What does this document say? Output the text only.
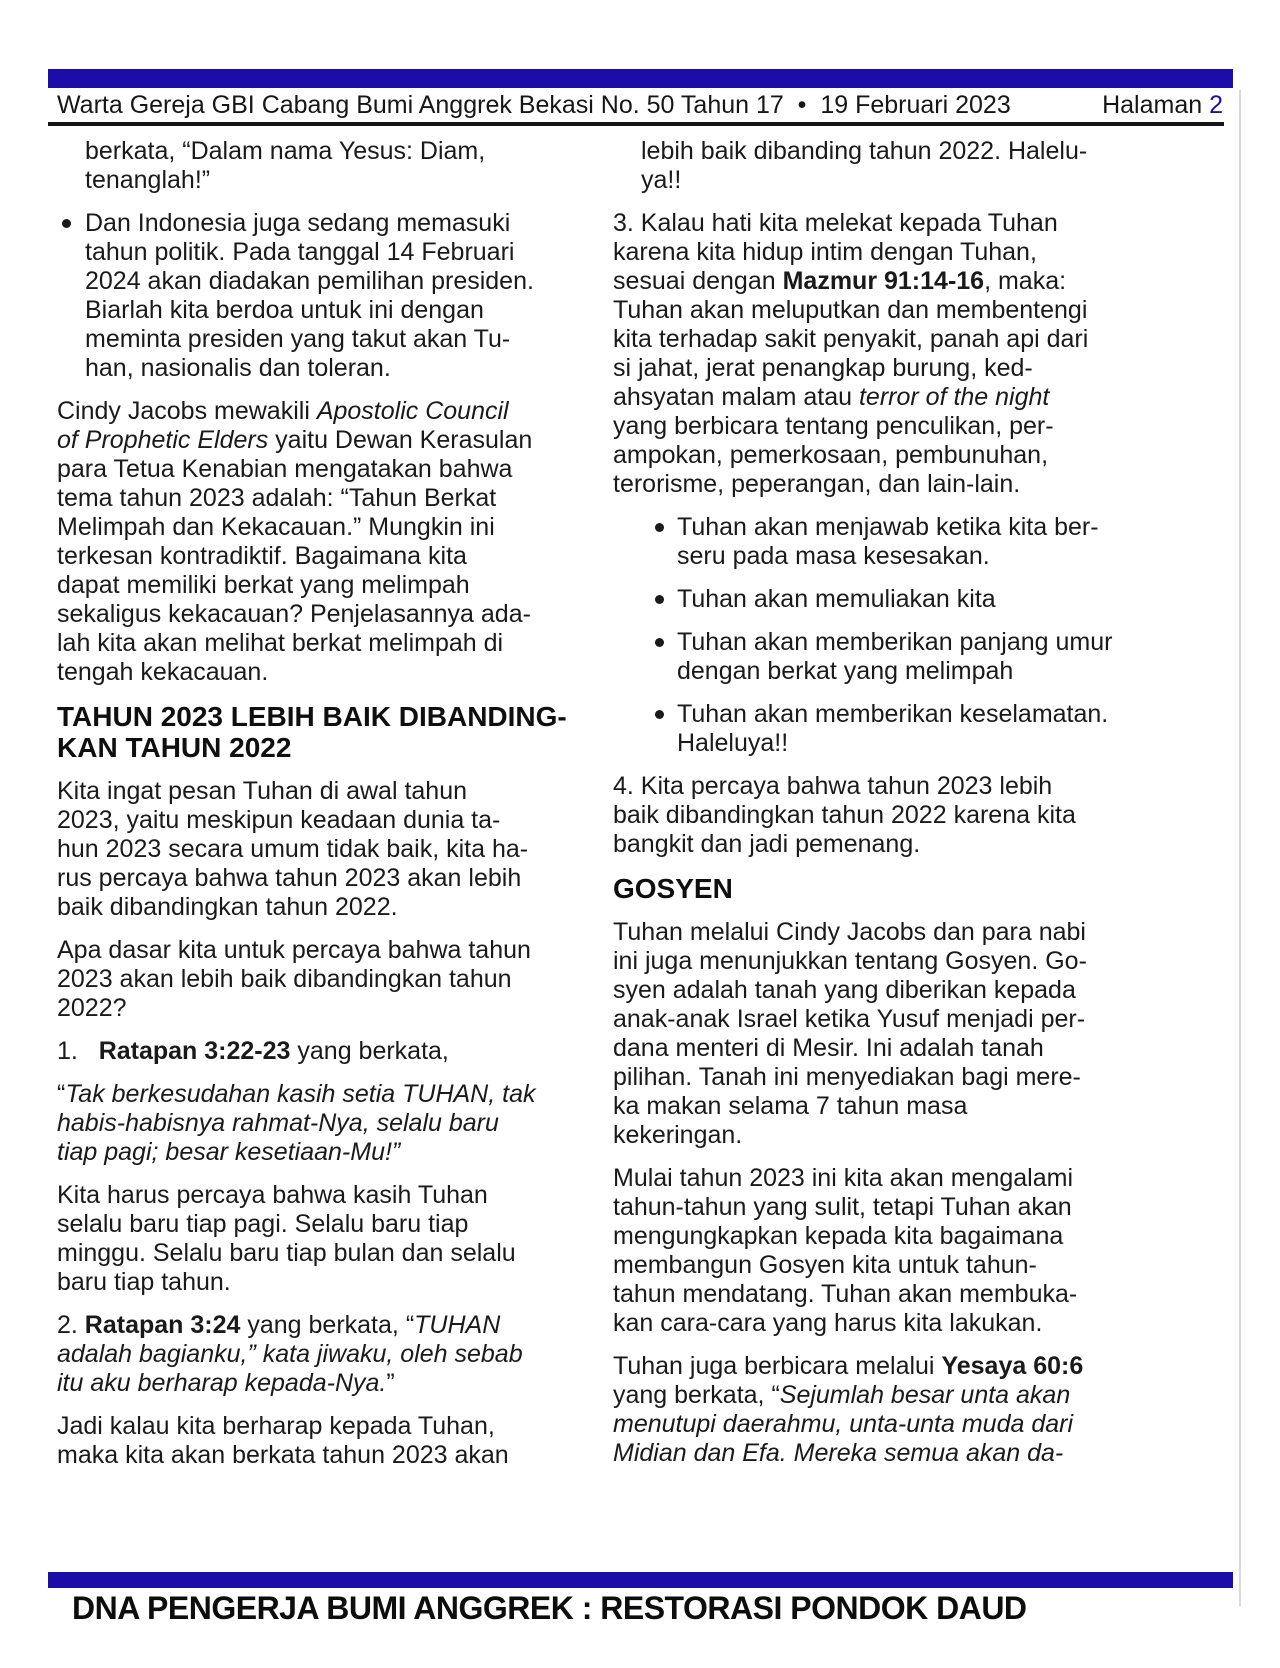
Warta Gereja GBI Cabang Bumi Anggrek Bekasi No. 50 Tahun 17  •  19 Februari 2023	Halaman 2
berkata, “Dalam nama Yesus: Diam,
tenanglah!”
Dan Indonesia juga sedang memasuki
tahun politik. Pada tanggal 14 Februari
2024 akan diadakan pemilihan presiden.
Biarlah kita berdoa untuk ini dengan
meminta presiden yang takut akan Tu-
han, nasionalis dan toleran.
Cindy Jacobs mewakili Apostolic Council
of Prophetic Elders yaitu Dewan Kerasulan
para Tetua Kenabian mengatakan bahwa
tema tahun 2023 adalah: “Tahun Berkat
Melimpah dan Kekacauan.” Mungkin ini
terkesan kontradiktif. Bagaimana kita
dapat memiliki berkat yang melimpah
sekaligus kekacauan? Penjelasannya ada-
lah kita akan melihat berkat melimpah di
tengah kekacauan.
TAHUN 2023 LEBIH BAIK DIBANDING-
KAN TAHUN 2022
Kita ingat pesan Tuhan di awal tahun
2023, yaitu meskipun keadaan dunia ta-
hun 2023 secara umum tidak baik, kita ha-
rus percaya bahwa tahun 2023 akan lebih
baik dibandingkan tahun 2022.
Apa dasar kita untuk percaya bahwa tahun
2023 akan lebih baik dibandingkan tahun
2022?
1.   Ratapan 3:22-23 yang berkata,
“Tak berkesudahan kasih setia TUHAN, tak
habis-habisnya rahmat-Nya, selalu baru
tiap pagi; besar kesetiaan-Mu!”
Kita harus percaya bahwa kasih Tuhan
selalu baru tiap pagi. Selalu baru tiap
minggu. Selalu baru tiap bulan dan selalu
baru tiap tahun.
2. Ratapan 3:24 yang berkata, “TUHAN
adalah bagianku,” kata jiwaku, oleh sebab
itu aku berharap kepada-Nya.”
Jadi kalau kita berharap kepada Tuhan,
maka kita akan berkata tahun 2023 akan
lebih baik dibanding tahun 2022. Halelu-
ya!!
3. Kalau hati kita melekat kepada Tuhan
karena kita hidup intim dengan Tuhan,
sesuai dengan Mazmur 91:14-16, maka:
Tuhan akan meluputkan dan membentengi
kita terhadap sakit penyakit, panah api dari
si jahat, jerat penangkap burung, ked-
ahsyatan malam atau terror of the night
yang berbicara tentang penculikan, per-
ampokan, pemerkosaan, pembunuhan,
terorisme, peperangan, dan lain-lain.
Tuhan akan menjawab ketika kita ber-
seru pada masa kesesakan.
Tuhan akan memuliakan kita
Tuhan akan memberikan panjang umur
dengan berkat yang melimpah
Tuhan akan memberikan keselamatan.
Haleluya!!
4. Kita percaya bahwa tahun 2023 lebih
baik dibandingkan tahun 2022 karena kita
bangkit dan jadi pemenang.
GOSYEN
Tuhan melalui Cindy Jacobs dan para nabi
ini juga menunjukkan tentang Gosyen. Go-
syen adalah tanah yang diberikan kepada
anak-anak Israel ketika Yusuf menjadi per-
dana menteri di Mesir. Ini adalah tanah
pilihan. Tanah ini menyediakan bagi mere-
ka makan selama 7 tahun masa
kekeringan.
Mulai tahun 2023 ini kita akan mengalami
tahun-tahun yang sulit, tetapi Tuhan akan
mengungkapkan kepada kita bagaimana
membangun Gosyen kita untuk tahun-
tahun mendatang. Tuhan akan membuka-
kan cara-cara yang harus kita lakukan.
Tuhan juga berbicara melalui Yesaya 60:6
yang berkata, “Sejumlah besar unta akan
menutupi daerahmu, unta-unta muda dari
Midian dan Efa. Mereka semua akan da-
DNA PENGERJA BUMI ANGGREK : RESTORASI PONDOK DAUD
